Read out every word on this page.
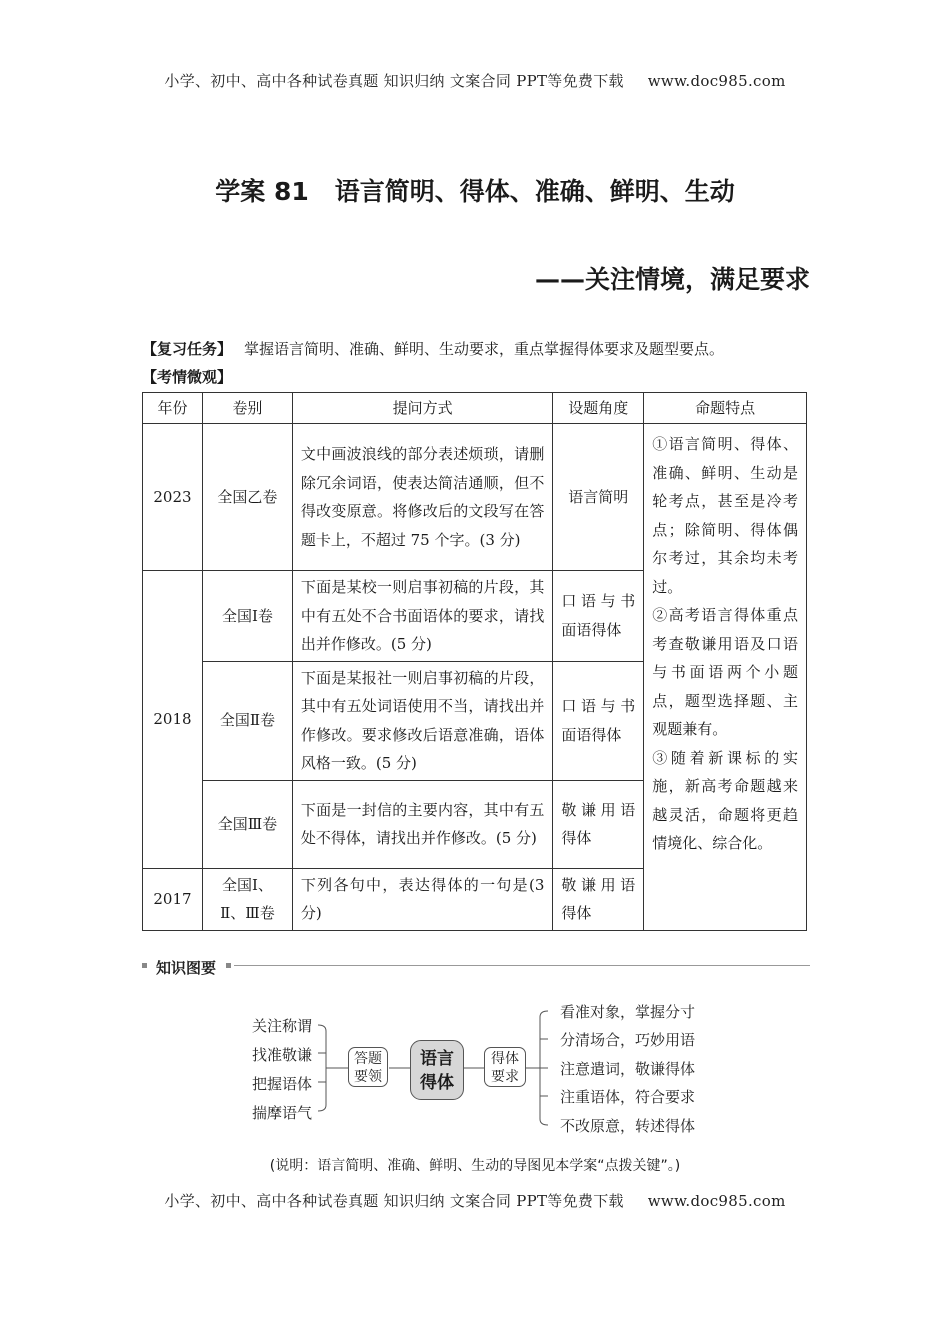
小学、初中、高中各种试卷真题 知识归纳 文案合同 PPT等免费下载 www.doc985.com
学案 81 语言简明、得体、准确、鲜明、生动
——关注情境，满足要求
【复习任务】 掌握语言简明、准确、鲜明、生动要求，重点掌握得体要求及题型要点。
【考情微观】
年份	卷别	提问方式	设题角度	命题特点
2023	全国乙卷	文中画波浪线的部分表述烦琐，请删除冗余词语，使表达简洁通顺，但不得改变原意。将修改后的文段写在答题卡上，不超过 75 个字。(3 分)	语言简明	①语言简明、得体、准确、鲜明、生动是轮考点，甚至是冷考点；除简明、得体偶尔考过，其余均未考过。
②高考语言得体重点考查敬谦用语及口语与书面语两个小题点，题型选择题、主观题兼有。
③随着新课标的实施，新高考命题越来越灵活，命题将更趋情境化、综合化。

2018	全国Ⅰ卷	下面是某校一则启事初稿的片段，其中有五处不合书面语体的要求，请找出并作修改。(5 分)	口语与书面语得体	
	全国Ⅱ卷	下面是某报社一则启事初稿的片段，其中有五处词语使用不当，请找出并作修改。要求修改后语意准确，语体风格一致。(5 分)	口语与书面语得体	
	全国Ⅲ卷	下面是一封信的主要内容，其中有五处不得体，请找出并作修改。(5 分)	敬谦用语得体	
2017	全国Ⅰ、Ⅱ、Ⅲ卷	下列各句中，表达得体的一句是(3 分)	敬谦用语得体	
知识图要
关注称谓
找准敬谦
把握语体
揣摩语气
答题
要领
语言
得体
得体
要求
看准对象，掌握分寸
分清场合，巧妙用语
注意遣词，敬谦得体
注重语体，符合要求
不改原意，转述得体
(说明：语言简明、准确、鲜明、生动的导图见本学案“点拨关键”。)
小学、初中、高中各种试卷真题 知识归纳 文案合同 PPT等免费下载 www.doc985.com
